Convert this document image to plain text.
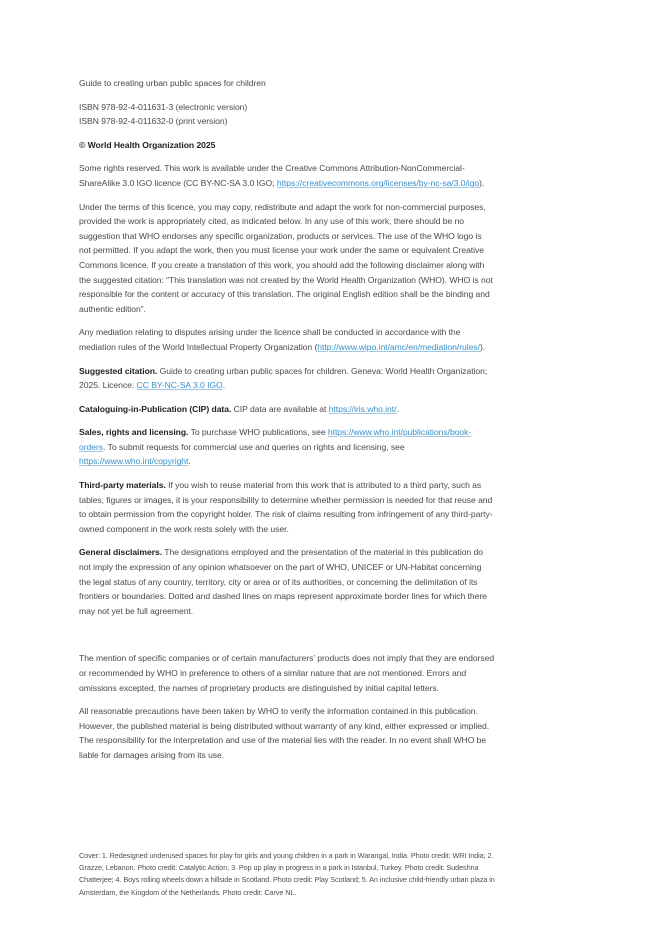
Guide to creating urban public spaces for children

ISBN 978-92-4-011631-3 (electronic version)

ISBN 978-92-4-011632-0 (print version)

© World Health Organization 2025

Some rights reserved. This work is available under the Creative Commons Attribution-NonCommercial-ShareAlike 3.0 IGO licence (CC BY-NC-SA 3.0 IGO; https://creativecommons.org/licenses/by-nc-sa/3.0/igo).

Under the terms of this licence, you may copy, redistribute and adapt the work for non-commercial purposes, provided the work is appropriately cited, as indicated below. In any use of this work, there should be no suggestion that WHO endorses any specific organization, products or services. The use of the WHO logo is not permitted. If you adapt the work, then you must license your work under the same or equivalent Creative Commons licence. If you create a translation of this work, you should add the following disclaimer along with the suggested citation: “This translation was not created by the World Health Organization (WHO). WHO is not responsible for the content or accuracy of this translation. The original English edition shall be the binding and authentic edition”.

Any mediation relating to disputes arising under the licence shall be conducted in accordance with the mediation rules of the World Intellectual Property Organization (http://www.wipo.int/amc/en/mediation/rules/).

Suggested citation. Guide to creating urban public spaces for children. Geneva: World Health Organization; 2025. Licence: CC BY-NC-SA 3.0 IGO.

Cataloguing-in-Publication (CIP) data. CIP data are available at https://iris.who.int/.

Sales, rights and licensing. To purchase WHO publications, see https://www.who.int/publications/book-orders. To submit requests for commercial use and queries on rights and licensing, see https://www.who.int/copyright.

Third-party materials. If you wish to reuse material from this work that is attributed to a third party, such as tables, figures or images, it is your responsibility to determine whether permission is needed for that reuse and to obtain permission from the copyright holder. The risk of claims resulting from infringement of any third-party-owned component in the work rests solely with the user.

General disclaimers. The designations employed and the presentation of the material in this publication do not imply the expression of any opinion whatsoever on the part of WHO, UNICEF or UN-Habitat concerning the legal status of any country, territory, city or area or of its authorities, or concerning the delimitation of its frontiers or boundaries. Dotted and dashed lines on maps represent approximate border lines for which there may not yet be full agreement.

The mention of specific companies or of certain manufacturers’ products does not imply that they are endorsed or recommended by WHO in preference to others of a similar nature that are not mentioned. Errors and omissions excepted, the names of proprietary products are distinguished by initial capital letters.

All reasonable precautions have been taken by WHO to verify the information contained in this publication. However, the published material is being distributed without warranty of any kind, either expressed or implied. The responsibility for the interpretation and use of the material lies with the reader. In no event shall WHO be liable for damages arising from its use.

Cover: 1. Redesigned underused spaces for play for girls and young children in a park in Warangal, India. Photo credit: WRI India; 2. Grazze, Lebanon. Photo credit: Catalytic Action; 3. Pop up play in progress in a park in Istanbul, Turkey. Photo credit: Sudeshna Chatterjee; 4. Boys rolling wheels down a hillside in Scotland. Photo credit: Play Scotland; 5. An inclusive child-friendly urban plaza in Amsterdam, the Kingdom of the Netherlands. Photo credit: Carve NL.
